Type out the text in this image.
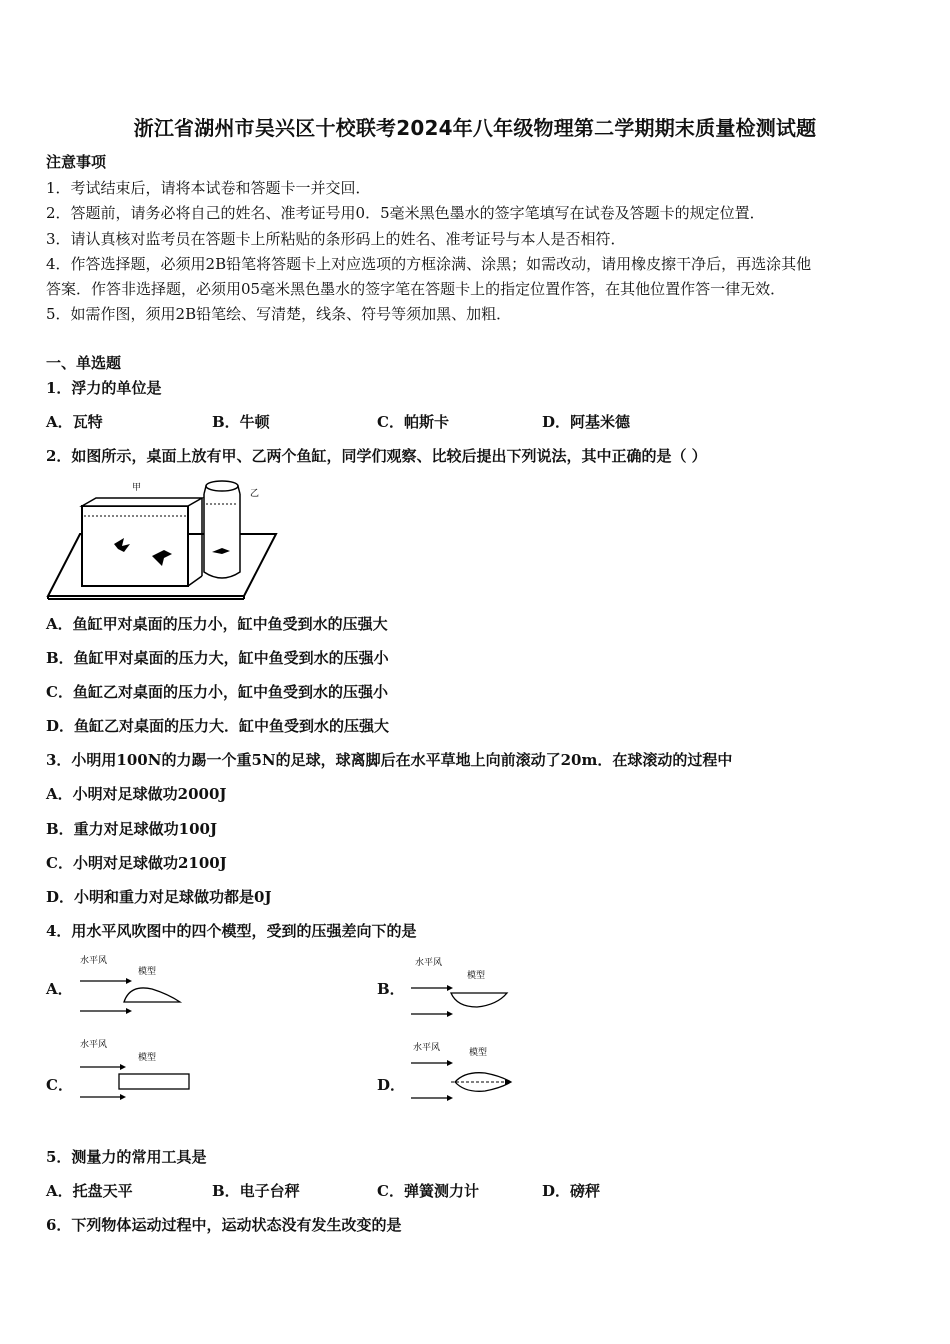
浙江省湖州市吴兴区十校联考2024年八年级物理第二学期期末质量检测试题
注意事项
1．考试结束后，请将本试卷和答题卡一并交回．
2．答题前，请务必将自己的姓名、准考证号用0．5毫米黑色墨水的签字笔填写在试卷及答题卡的规定位置．
3．请认真核对监考员在答题卡上所粘贴的条形码上的姓名、准考证号与本人是否相符．
4．作答选择题，必须用2B铅笔将答题卡上对应选项的方框涂满、涂黑；如需改动，请用橡皮擦干净后，再选涂其他
答案．作答非选择题，必须用05毫米黑色墨水的签字笔在答题卡上的指定位置作答，在其他位置作答一律无效．
5．如需作图，须用2B铅笔绘、写清楚，线条、符号等须加黑、加粗．
一、单选题
1．浮力的单位是
A．瓦特	B．牛顿	C．帕斯卡	D．阿基米德
2．如图所示，桌面上放有甲、乙两个鱼缸，同学们观察、比较后提出下列说法，其中正确的是（ ）
甲
乙
A．鱼缸甲对桌面的压力小，缸中鱼受到水的压强大
B．鱼缸甲对桌面的压力大，缸中鱼受到水的压强小
C．鱼缸乙对桌面的压力小，缸中鱼受到水的压强小
D．鱼缸乙对桌面的压力大．缸中鱼受到水的压强大
3．小明用100N的力踢一个重5N的足球，球离脚后在水平草地上向前滚动了20m．在球滚动的过程中
A．小明对足球做功2000J
B．重力对足球做功100J
C．小明对足球做功2100J
D．小明和重力对足球做功都是0J
4．用水平风吹图中的四个模型，受到的压强差向下的是
A．
水平风
模型
B．
水平风
模型
C．
水平风
模型
D．
水平风	模型
5．测量力的常用工具是
A．托盘天平	B．电子台秤	C．弹簧测力计	D．磅秤
6．下列物体运动过程中，运动状态没有发生改变的是
